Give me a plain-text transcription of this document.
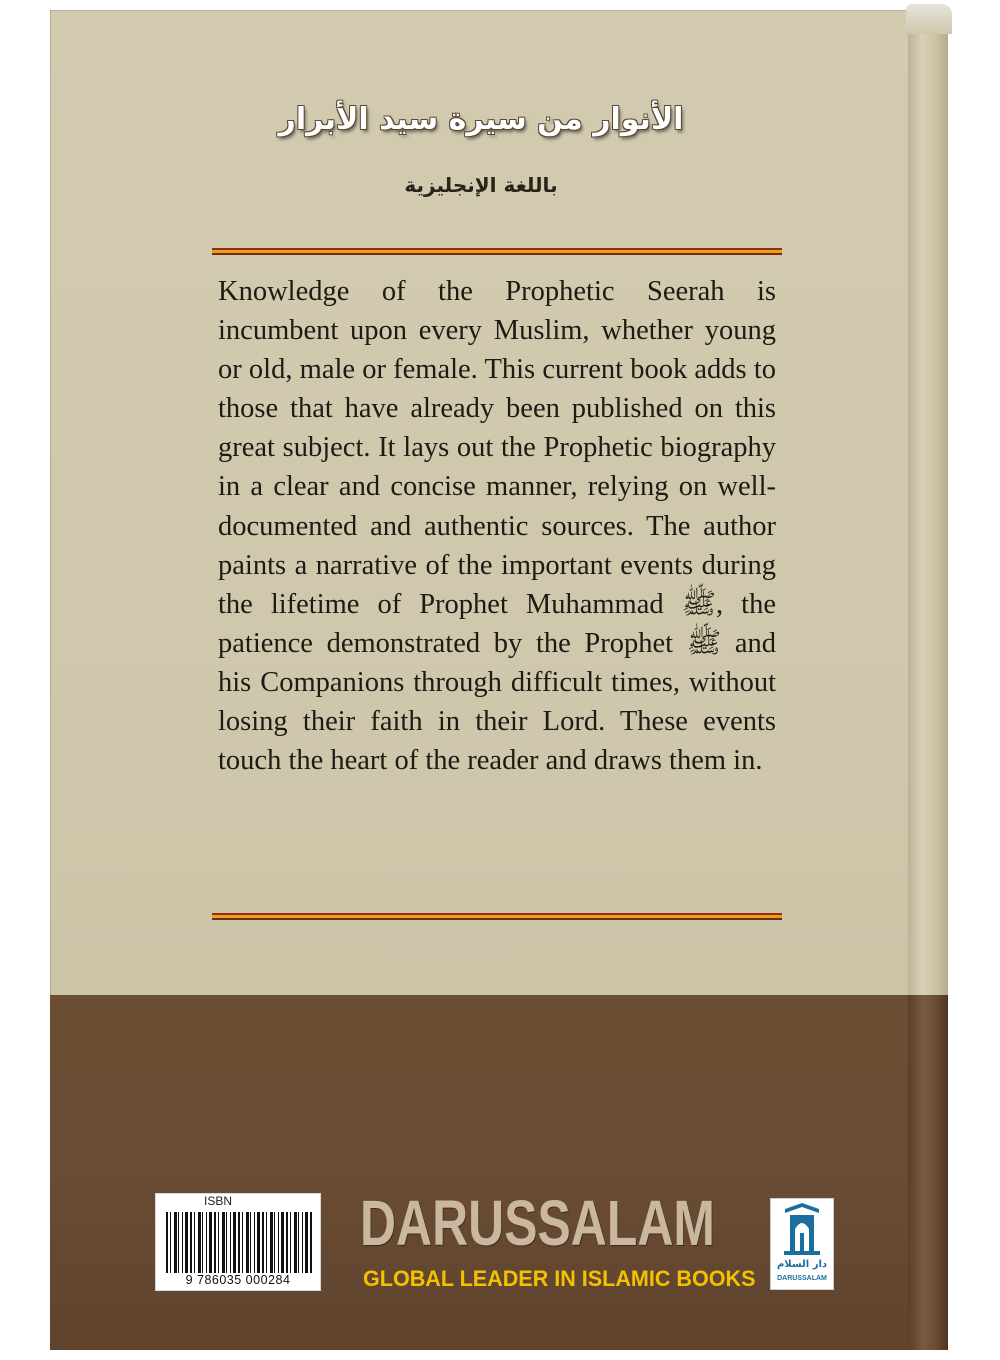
الأنوار من سيرة سيد الأبرار
باللغة الإنجليزية
Knowledge of the Prophetic Seerah is incumbent upon every Muslim, whether young or old, male or female. This current book adds to those that have already been published on this great subject. It lays out the Prophetic biography in a clear and concise manner, relying on well-documented and authentic sources. The author paints a narrative of the important events during the lifetime of Prophet Muhammad ﷺ, the patience demonstrated by the Prophet ﷺ and his Companions through difficult times, without losing their faith in their Lord. These events touch the heart of the reader and draws them in.
ISBN
9 786035 000284
DARUSSALAM
GLOBAL LEADER IN ISLAMIC BOOKS
دار السلام
DARUSSALAM
